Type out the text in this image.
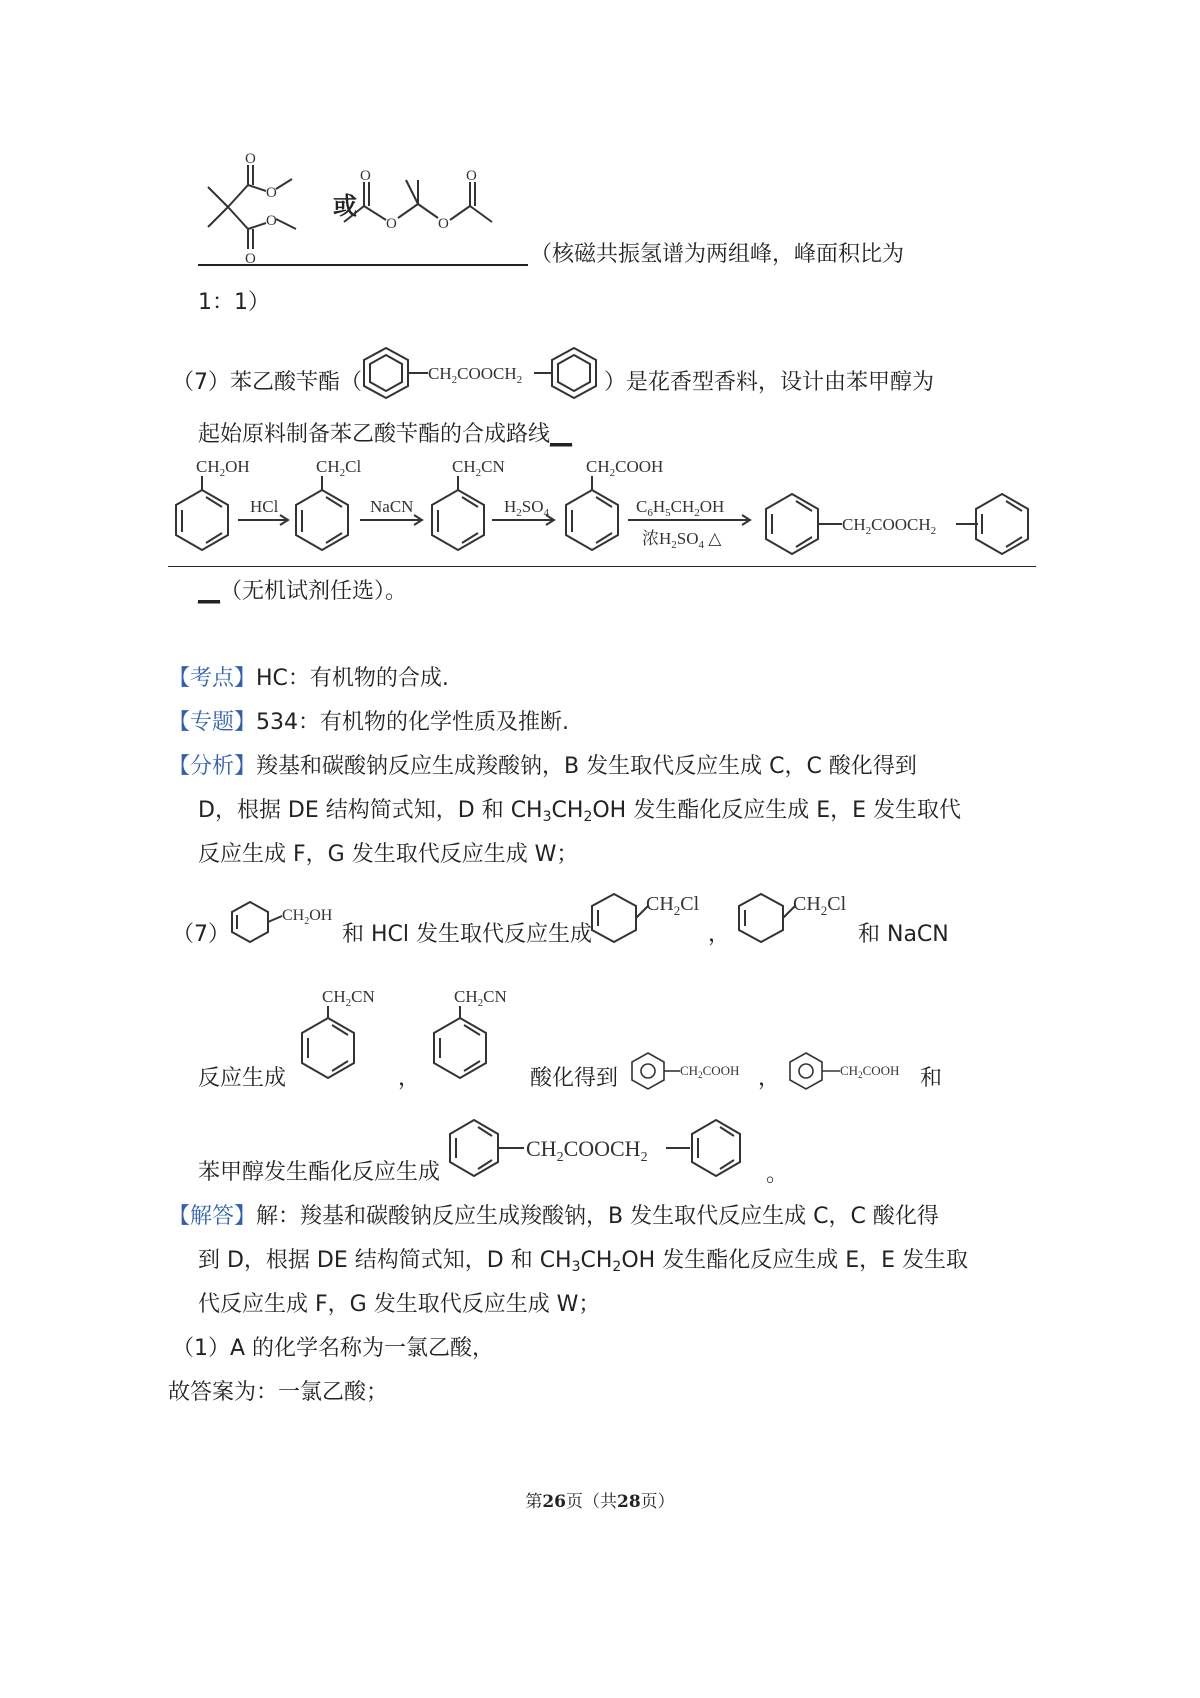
O
O
O
O
或
O
O	O
O
（核磁共振氢谱为两组峰，峰面积比为
1：1）
（7）苯乙酸苄酯（	$CH_2COOCH_2$	）是花香型香料，设计由苯甲醇为
起始原料制备苯乙酸苄酯的合成路线__
$CH_2OH$	$CH_2Cl$	$CH_2CN$	$CH_2COOH$
HCl	NaCN	$H_2SO_4$	$C_6H_5CH_2OH$
浓$H_2SO_4$ △
$CH_2COOCH_2$
__（无机试剂任选）。
【考点】HC：有机物的合成.
【专题】534：有机物的化学性质及推断.
【分析】羧基和碳酸钠反应生成羧酸钠，B 发生取代反应生成 C，C 酸化得到
D，根据 DE 结构简式知，D 和 $CH_3CH_2OH$ 发生酯化反应生成 E，E 发生取代
反应生成 F，G 发生取代反应生成 W；
（7）
$CH_2OH$
和 HCl 发生取代反应生成
$CH_2Cl$
，
$CH_2Cl$
和 NaCN
反应生成
$CH_2CN$
，
$CH_2CN$
酸化得到	$CH_2COOH$ ，	$CH_2COOH$ 和
苯甲醇发生酯化反应生成
$CH_2COOCH_2$
。
【解答】解：羧基和碳酸钠反应生成羧酸钠，B 发生取代反应生成 C，C 酸化得
到 D，根据 DE 结构简式知，D 和 $CH_3CH_2OH$ 发生酯化反应生成 E，E 发生取
代反应生成 F，G 发生取代反应生成 W；
（1）A 的化学名称为一氯乙酸，
故答案为：一氯乙酸；
第26页（共28页）
